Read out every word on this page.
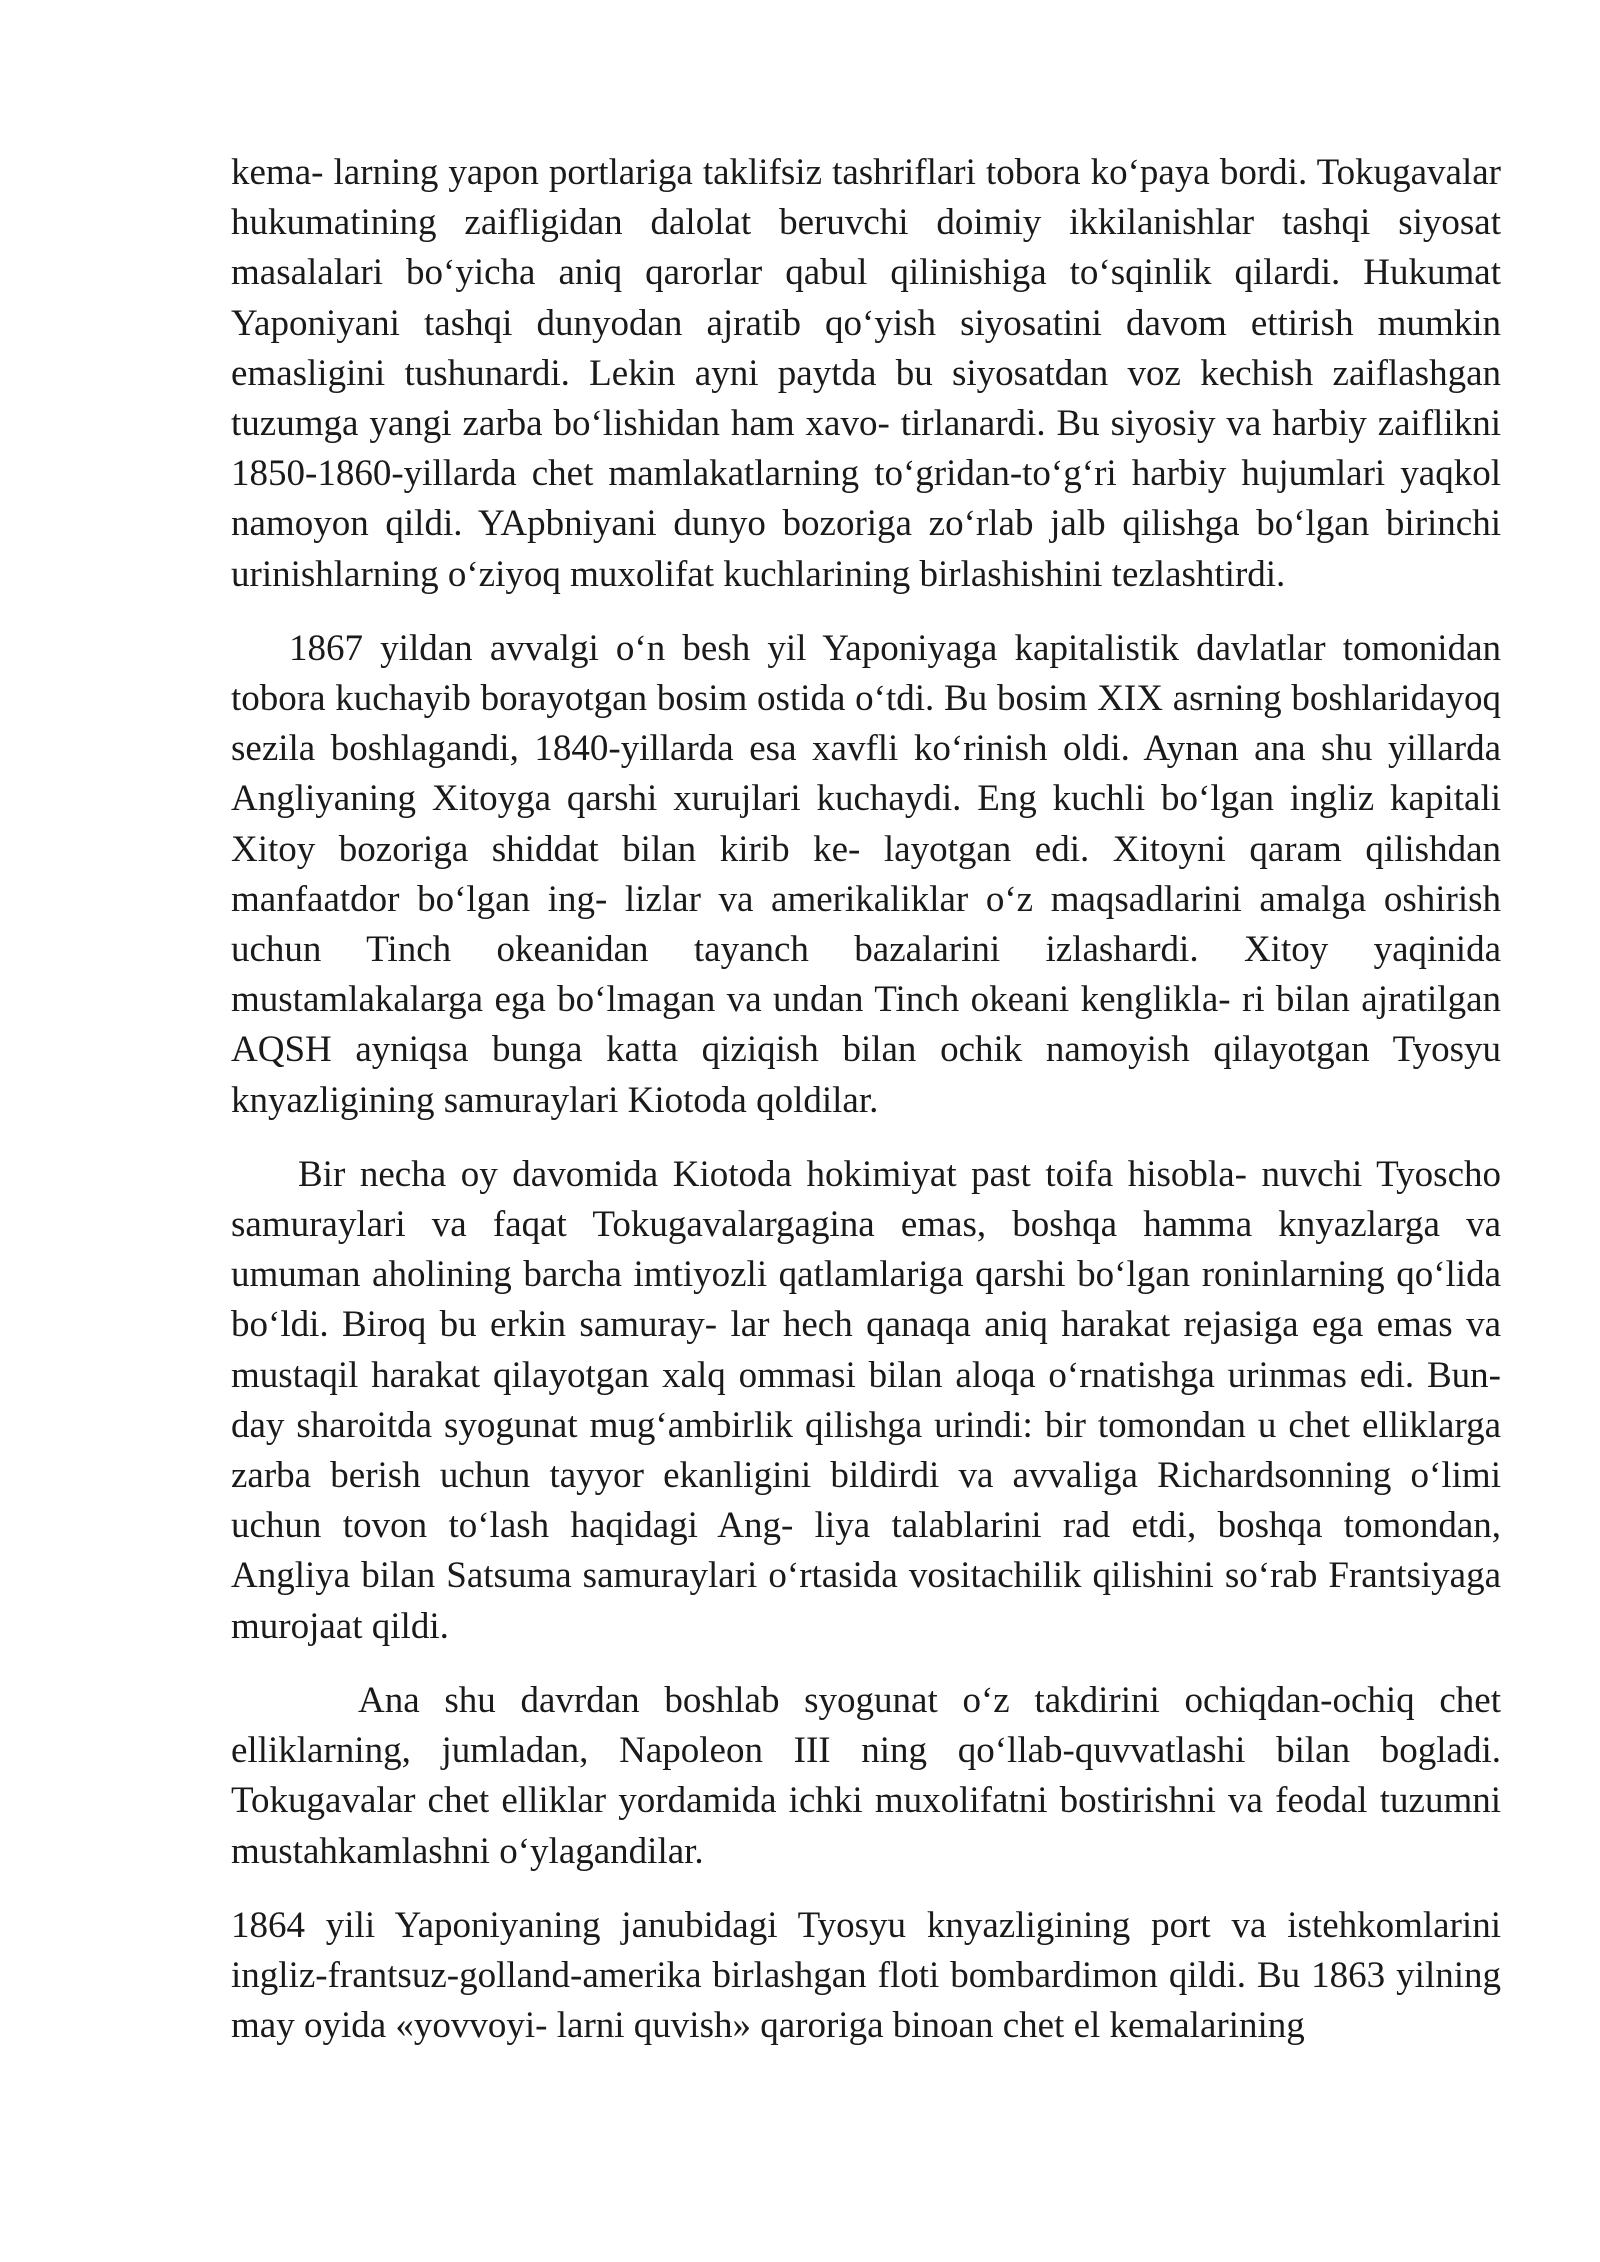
kema- larning yapon portlariga taklifsiz tashriflari tobora koʻpaya bordi. Tokugavalar hukumatining zaifligidan dalolat beruvchi doimiy ikkilanishlar tashqi siyosat masalalari boʻyicha aniq qarorlar qabul qilinishiga toʻsqinlik qilardi. Hukumat Yaponiyani tashqi dunyodan ajratib qoʻyish siyosatini davom ettirish mumkin emasligini tushunardi. Lekin ayni paytda bu siyosatdan voz kechish zaiflashgan tuzumga yangi zarba boʻlishidan ham xavo- tirlanardi. Bu siyosiy va harbiy zaiflikni 1850-1860-yillarda chet mamlakatlarning toʻgridan-toʻgʻri harbiy hujumlari yaqkol namoyon qildi. YApbniyani dunyo bozoriga zoʻrlab jalb qilishga boʻlgan birinchi urinishlarning oʻziyoq muxolifat kuchlarining birlashishini tezlashtirdi.

1867 yildan avvalgi oʻn besh yil Yaponiyaga kapitalistik davlatlar tomonidan tobora kuchayib borayotgan bosim ostida oʻtdi. Bu bosim XIX asrning boshlaridayoq sezila boshlagandi, 1840-yillarda esa xavfli koʻrinish oldi. Aynan ana shu yillarda Angliyaning Xitoyga qarshi xurujlari kuchaydi. Eng kuchli boʻlgan ingliz kapitali Xitoy bozoriga shiddat bilan kirib ke- layotgan edi. Xitoyni qaram qilishdan manfaatdor boʻlgan ing- lizlar va amerikaliklar oʻz maqsadlarini amalga oshirish uchun Tinch okeanidan tayanch bazalarini izlashardi. Xitoy yaqinida mustamlakalarga ega boʻlmagan va undan Tinch okeani kenglikla- ri bilan ajratilgan AQSH ayniqsa bunga katta qiziqish bilan ochik namoyish qilayotgan Tyosyu knyazligining samuraylari Kiotoda qoldilar.

Bir necha oy davomida Kiotoda hokimiyat past toifa hisobla- nuvchi Tyoscho samuraylari va faqat Tokugavalargagina emas, boshqa hamma knyazlarga va umuman aholining barcha imtiyozli qatlamlariga qarshi boʻlgan roninlarning qoʻlida boʻldi. Biroq bu erkin samuray- lar hech qanaqa aniq harakat rejasiga ega emas va mustaqil harakat qilayotgan xalq ommasi bilan aloqa oʻrnatishga urinmas edi. Bun- day sharoitda syogunat mugʻambirlik qilishga urindi: bir tomondan u chet elliklarga zarba berish uchun tayyor ekanligini bildirdi va avvaliga Richardsonning oʻlimi uchun tovon toʻlash haqidagi Ang- liya talablarini rad etdi, boshqa tomondan, Angliya bilan Satsuma samuraylari oʻrtasida vositachilik qilishini soʻrab Frantsiyaga murojaat qildi.

Ana shu davrdan boshlab syogunat oʻz takdirini ochiqdan-ochiq chet elliklarning, jumladan, Napoleon III ning qoʻllab-quvvatlashi bilan bogladi. Tokugavalar chet elliklar yordamida ichki muxolifatni bostirishni va feodal tuzumni mustahkamlashni oʻylagandilar.

1864 yili Yaponiyaning janubidagi Tyosyu knyazligining port va istehkomlarini ingliz-frantsuz-golland-amerika birlashgan floti bombardimon qildi. Bu 1863 yilning may oyida «yovvoyi- larni quvish» qaroriga binoan chet el kemalarining
